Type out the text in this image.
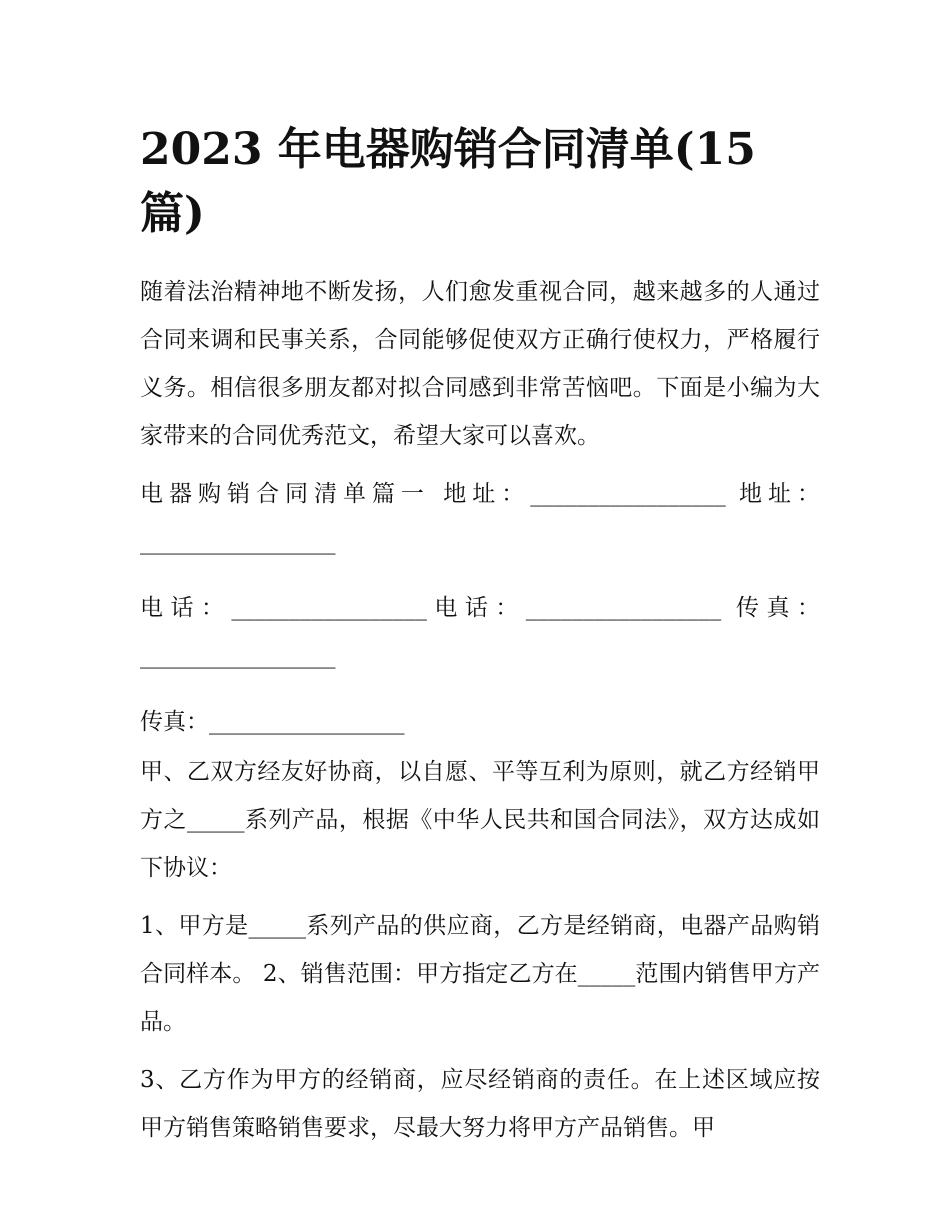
2023 年电器购销合同清单(15 篇)

随着法治精神地不断发扬，人们愈发重视合同，越来越多的人通过合同来调和民事关系，合同能够促使双方正确行使权力，严格履行义务。相信很多朋友都对拟合同感到非常苦恼吧。下面是小编为大家带来的合同优秀范文，希望大家可以喜欢。

电器购销合同清单篇一 地址：_________________ 地址：_________________

电话：_________________电话：_________________ 传真：_________________

传真：_________________

甲、乙双方经友好协商，以自愿、平等互利为原则，就乙方经销甲方之_____系列产品，根据《中华人民共和国合同法》，双方达成如下协议：

1、甲方是_____系列产品的供应商，乙方是经销商，电器产品购销合同样本。 2、销售范围：甲方指定乙方在_____范围内销售甲方产品。

3、乙方作为甲方的经销商，应尽经销商的责任。在上述区域应按甲方销售策略销售要求，尽最大努力将甲方产品销售。甲
